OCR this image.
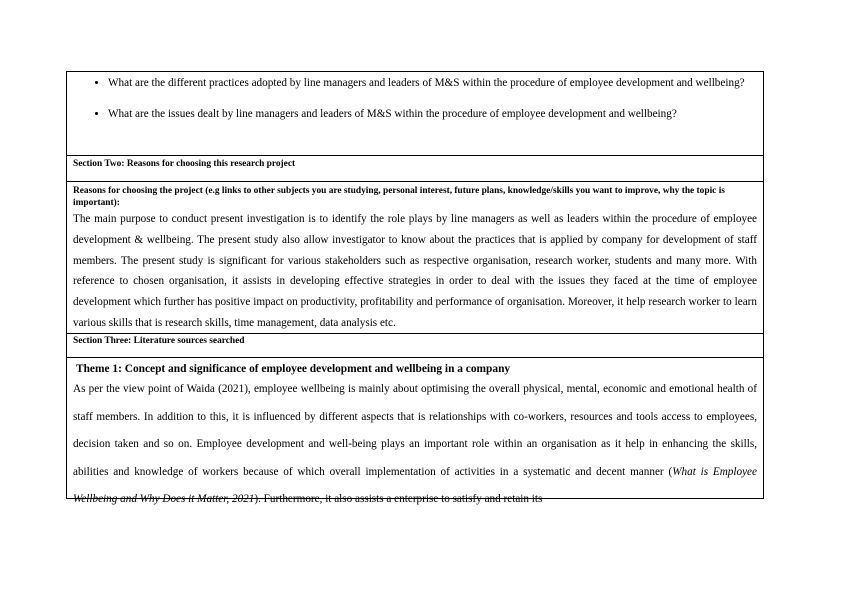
• What are the different practices adopted by line managers and leaders of M&S within the procedure of employee development and wellbeing?
• What are the issues dealt by line managers and leaders of M&S within the procedure of employee development and wellbeing?
Section Two: Reasons for choosing this research project
Reasons for choosing the project (e.g links to other subjects you are studying, personal interest, future plans, knowledge/skills you want to improve, why the topic is important):

The main purpose to conduct present investigation is to identify the role plays by line managers as well as leaders within the procedure of employee development & wellbeing. The present study also allow investigator to know about the practices that is applied by company for development of staff members. The present study is significant for various stakeholders such as respective organisation, research worker, students and many more. With reference to chosen organisation, it assists in developing effective strategies in order to deal with the issues they faced at the time of employee development which further has positive impact on productivity, profitability and performance of organisation. Moreover, it help research worker to learn various skills that is research skills, time management, data analysis etc.

Section Three: Literature sources searched

Theme 1: Concept and significance of employee development and wellbeing in a company

As per the view point of Waida (2021), employee wellbeing is mainly about optimising the overall physical, mental, economic and emotional health of staff members. In addition to this, it is influenced by different aspects that is relationships with co-workers, resources and tools access to employees, decision taken and so on. Employee development and well-being plays an important role within an organisation as it help in enhancing the skills, abilities and knowledge of workers because of which overall implementation of activities in a systematic and decent manner (What is Employee Wellbeing and Why Does it Matter, 2021). Furthermore, it also assists a enterprise to satisfy and retain its
